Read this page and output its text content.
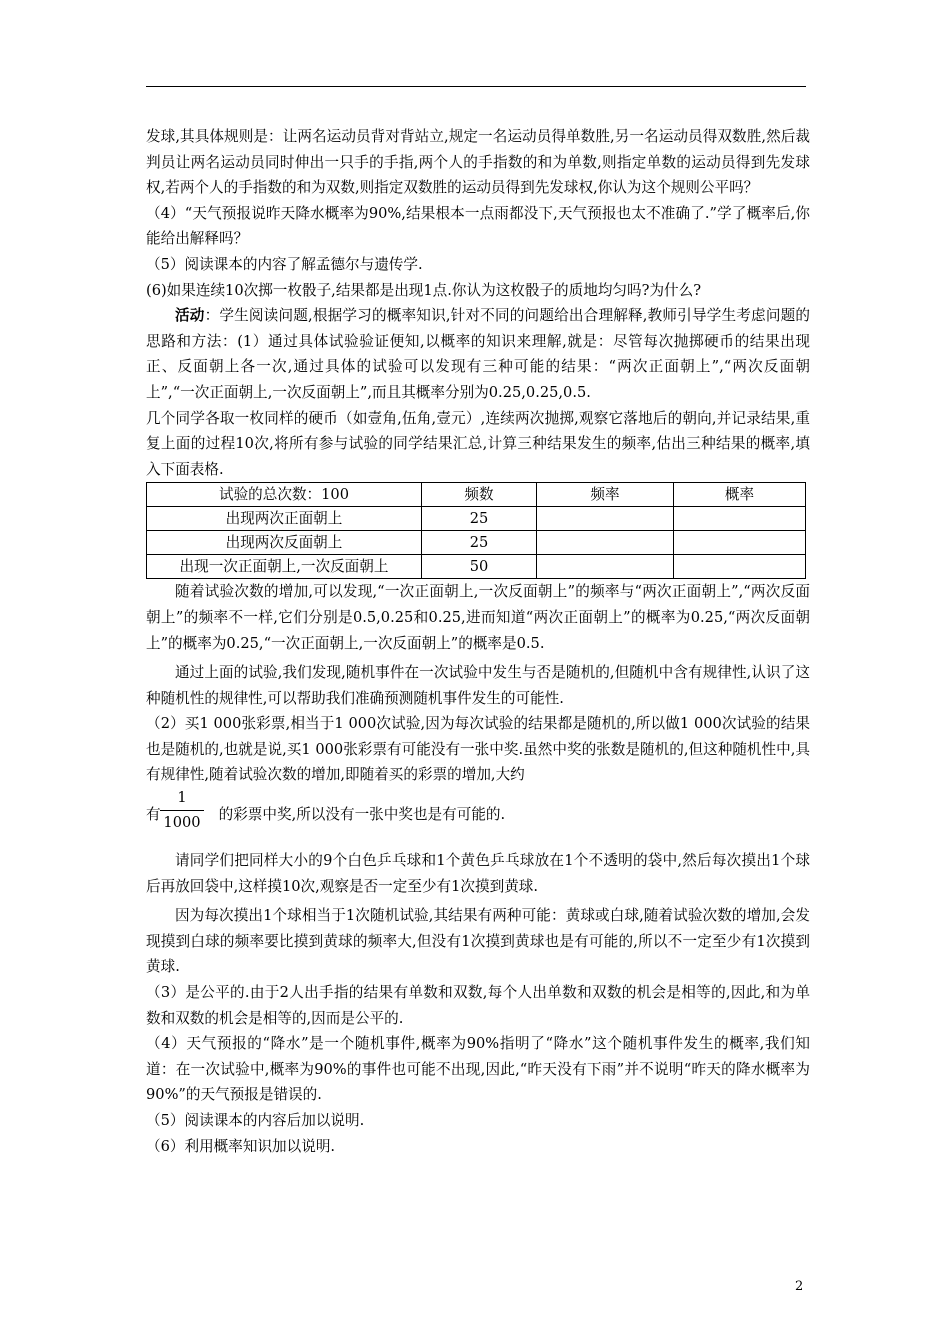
发球,其具体规则是：让两名运动员背对背站立,规定一名运动员得单数胜,另一名运动员得双数胜,然后裁判员让两名运动员同时伸出一只手的手指,两个人的手指数的和为单数,则指定单数的运动员得到先发球权,若两个人的手指数的和为双数,则指定双数胜的运动员得到先发球权,你认为这个规则公平吗？

（4）“天气预报说昨天降水概率为90%,结果根本一点雨都没下,天气预报也太不准确了.”学了概率后,你能给出解释吗？

（5）阅读课本的内容了解孟德尔与遗传学.

(6)如果连续10次掷一枚骰子,结果都是出现1点.你认为这枚骰子的质地均匀吗?为什么?

活动：学生阅读问题,根据学习的概率知识,针对不同的问题给出合理解释,教师引导学生考虑问题的思路和方法：(1）通过具体试验验证便知,以概率的知识来理解,就是：尽管每次抛掷硬币的结果出现正、反面朝上各一次,通过具体的试验可以发现有三种可能的结果：“两次正面朝上”,“两次反面朝上”,“一次正面朝上,一次反面朝上”,而且其概率分别为0.25,0.25,0.5.

几个同学各取一枚同样的硬币（如壹角,伍角,壹元）,连续两次抛掷,观察它落地后的朝向,并记录结果,重复上面的过程10次,将所有参与试验的同学结果汇总,计算三种结果发生的频率,估出三种结果的概率,填入下面表格.

试验的总次数：100	频数	频率	概率
出现两次正面朝上	25		
出现两次反面朝上	25		
出现一次正面朝上,一次反面朝上	50		

随着试验次数的增加,可以发现,“一次正面朝上,一次反面朝上”的频率与“两次正面朝上”,“两次反面朝上”的频率不一样,它们分别是0.5,0.25和0.25,进而知道“两次正面朝上”的概率为0.25,“两次反面朝上”的概率为0.25,“一次正面朝上,一次反面朝上”的概率是0.5.

通过上面的试验,我们发现,随机事件在一次试验中发生与否是随机的,但随机中含有规律性,认识了这种随机性的规律性,可以帮助我们准确预测随机事件发生的可能性.

（2）买1 000张彩票,相当于1 000次试验,因为每次试验的结果都是随机的,所以做1 000次试验的结果也是随机的,也就是说,买1 000张彩票有可能没有一张中奖.虽然中奖的张数是随机的,但这种随机性中,具有规律性,随着试验次数的增加,即随着买的彩票的增加,大约

有	的彩票中奖,所以没有一张中奖也是有可能的.
1
1000

请同学们把同样大小的9个白色乒乓球和1个黄色乒乓球放在1个不透明的袋中,然后每次摸出1个球后再放回袋中,这样摸10次,观察是否一定至少有1次摸到黄球.

因为每次摸出1个球相当于1次随机试验,其结果有两种可能：黄球或白球,随着试验次数的增加,会发现摸到白球的频率要比摸到黄球的频率大,但没有1次摸到黄球也是有可能的,所以不一定至少有1次摸到黄球.

（3）是公平的.由于2人出手指的结果有单数和双数,每个人出单数和双数的机会是相等的,因此,和为单数和双数的机会是相等的,因而是公平的.

（4）天气预报的“降水”是一个随机事件,概率为90%指明了“降水”这个随机事件发生的概率,我们知道：在一次试验中,概率为90%的事件也可能不出现,因此,“昨天没有下雨”并不说明“昨天的降水概率为90%”的天气预报是错误的.

（5）阅读课本的内容后加以说明.

（6）利用概率知识加以说明.

2
